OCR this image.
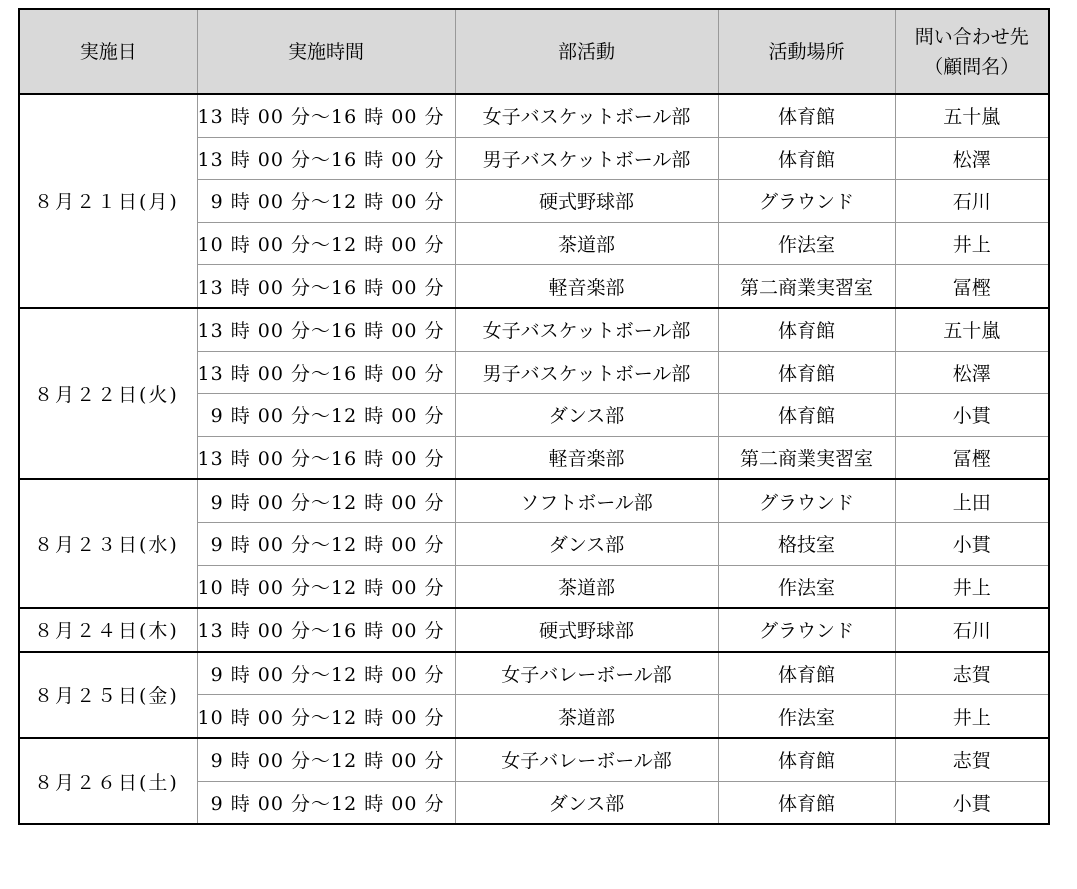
実施日	実施時間	部活動	活動場所	問い合わせ先
（顧問名）

８月２１日(月)	13 時 00 分～16 時 00 分	女子バスケットボール部	体育館	五十嵐
	13 時 00 分～16 時 00 分	男子バスケットボール部	体育館	松澤
	9 時 00 分～12 時 00 分	硬式野球部	グラウンド	石川
	10 時 00 分～12 時 00 分	茶道部	作法室	井上
	13 時 00 分～16 時 00 分	軽音楽部	第二商業実習室	冨樫
８月２２日(火)	13 時 00 分～16 時 00 分	女子バスケットボール部	体育館	五十嵐
	13 時 00 分～16 時 00 分	男子バスケットボール部	体育館	松澤
	9 時 00 分～12 時 00 分	ダンス部	体育館	小貫
	13 時 00 分～16 時 00 分	軽音楽部	第二商業実習室	冨樫
８月２３日(水)	9 時 00 分～12 時 00 分	ソフトボール部	グラウンド	上田
	9 時 00 分～12 時 00 分	ダンス部	格技室	小貫
	10 時 00 分～12 時 00 分	茶道部	作法室	井上
８月２４日(木)	13 時 00 分～16 時 00 分	硬式野球部	グラウンド	石川
８月２５日(金)	9 時 00 分～12 時 00 分	女子バレーボール部	体育館	志賀
	10 時 00 分～12 時 00 分	茶道部	作法室	井上
８月２６日(土)	9 時 00 分～12 時 00 分	女子バレーボール部	体育館	志賀
	9 時 00 分～12 時 00 分	ダンス部	体育館	小貫
